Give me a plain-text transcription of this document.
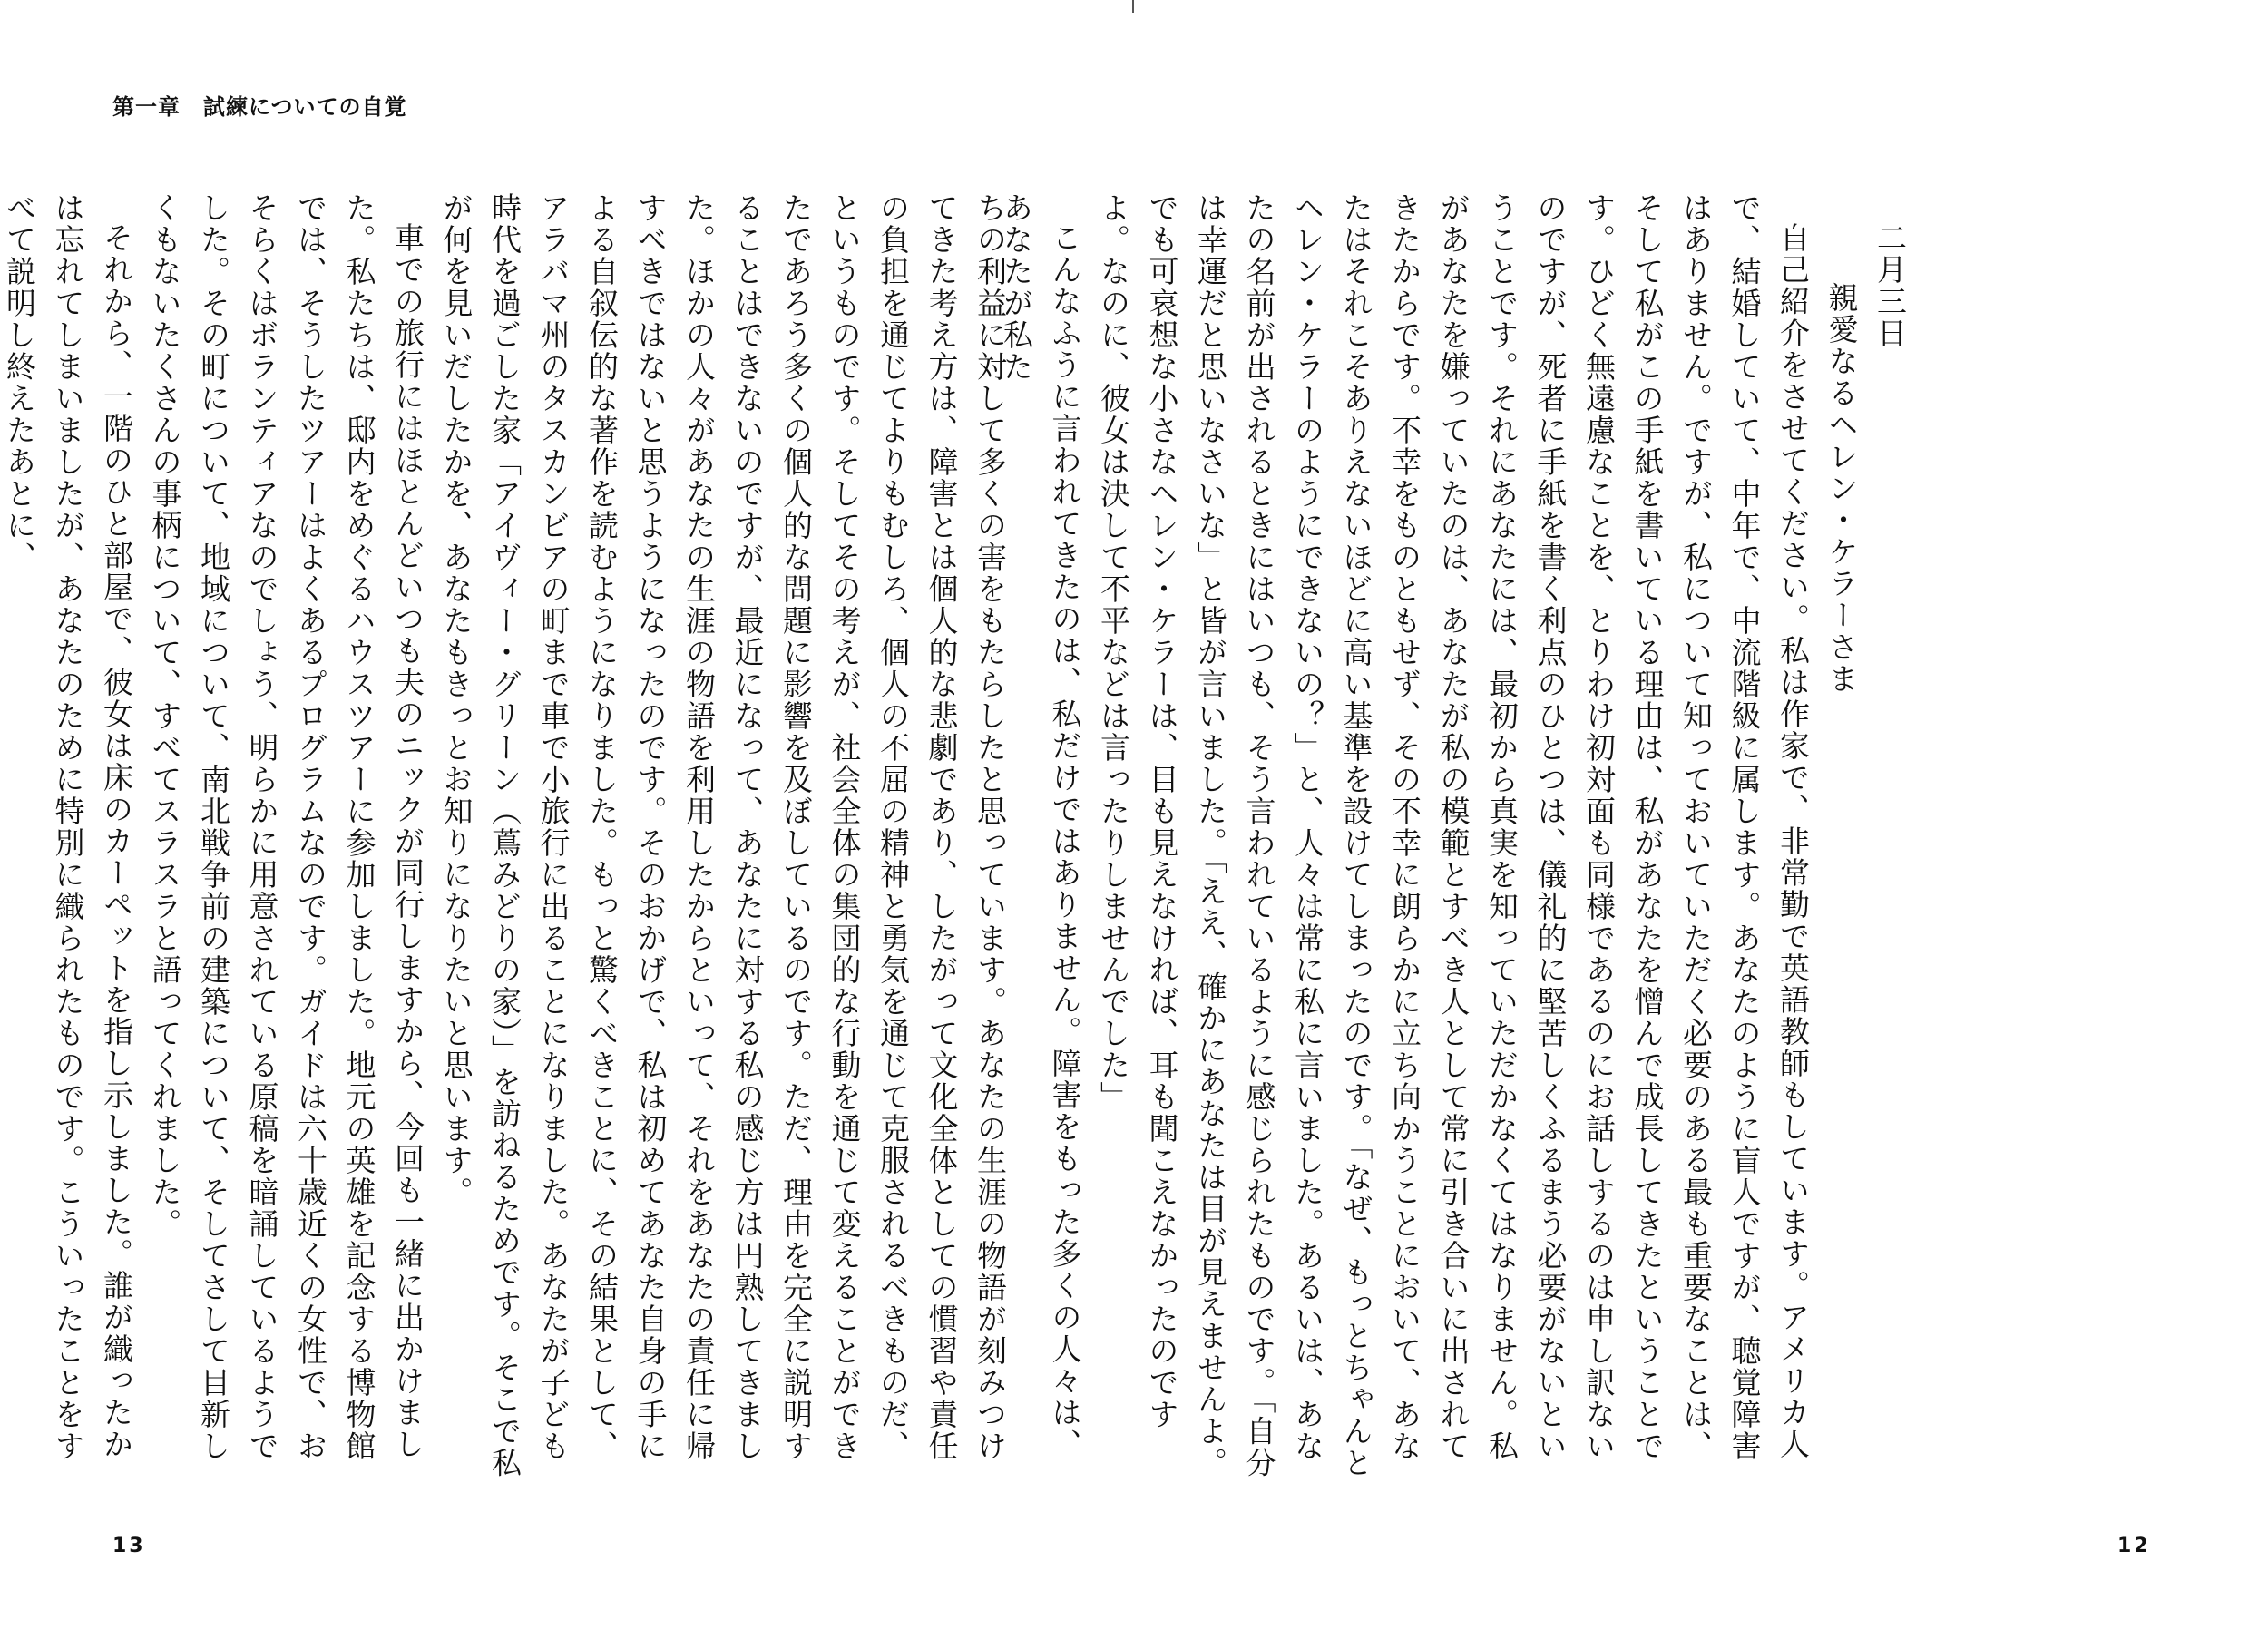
第一章　試練についての自覚

二月三日

親愛なるヘレン・ケラーさま

自己紹介をさせてください。私は作家で、非常勤で英語教師もしています。アメリカ人で、結婚していて、中年で、中流階級に属します。あなたのように盲人ですが、聴覚障害はありません。ですが、私について知っておいていただく必要のある最も重要なことは、そして私がこの手紙を書いている理由は、私があなたを憎んで成長してきたということです。ひどく無遠慮なことを、とりわけ初対面も同様であるのにお話しするのは申し訳ないのですが、死者に手紙を書く利点のひとつは、儀礼的に堅苦しくふるまう必要がないということです。それにあなたには、最初から真実を知っていただかなくてはなりません。私があなたを嫌っていたのは、あなたが私の模範とすべき人として常に引き合いに出されてきたからです。不幸をものともせず、その不幸に朗らかに立ち向かうことにおいて、あなたはそれこそありえないほどに高い基準を設けてしまったのです。「なぜ、もっとちゃんとヘレン・ケラーのようにできないの？」と、人々は常に私に言いました。あるいは、あなたの名前が出されるときにはいつも、そう言われているように感じられたものです。「自分は幸運だと思いなさいな」と皆が言いました。「ええ、確かにあなたは目が見えませんよ。でも可哀想な小さなヘレン・ケラーは、目も見えなければ、耳も聞こえなかったのですよ。なのに、彼女は決して不平などは言ったりしませんでした」

こんなふうに言われてきたのは、私だけではありません。障害をもった多くの人々は、あなたが私た

ちの利益に対して多くの害をもたらしたと思っています。あなたの生涯の物語が刻みつけてきた考え方は、障害とは個人的な悲劇であり、したがって文化全体としての慣習や責任の負担を通じてよりもむしろ、個人の不屈の精神と勇気を通じて克服されるべきものだ、というものです。そしてその考えが、社会全体の集団的な行動を通じて変えることができたであろう多くの個人的な問題に影響を及ぼしているのです。ただ、理由を完全に説明することはできないのですが、最近になって、あなたに対する私の感じ方は円熟してきました。ほかの人々があなたの生涯の物語を利用したからといって、それをあなたの責任に帰すべきではないと思うようになったのです。そのおかげで、私は初めてあなた自身の手による自叙伝的な著作を読むようになりました。もっと驚くべきことに、その結果として、アラバマ州のタスカンビアの町まで車で小旅行に出ることになりました。あなたが子ども時代を過ごした家「アイヴィー・グリーン（蔦みどりの家）」を訪ねるためです。そこで私が何を見いだしたかを、あなたもきっとお知りになりたいと思います。

車での旅行にはほとんどいつも夫のニックが同行しますから、今回も一緒に出かけました。私たちは、邸内をめぐるハウスツアーに参加しました。地元の英雄を記念する博物館では、そうしたツアーはよくあるプログラムなのです。ガイドは六十歳近くの女性で、おそらくはボランティアなのでしょう、明らかに用意されている原稿を暗誦しているようでした。その町について、地域について、南北戦争前の建築について、そしてさして目新しくもないたくさんの事柄について、すべてスラスラと語ってくれました。

それから、一階のひと部屋で、彼女は床のカーペットを指し示しました。誰が織ったかは忘れてしまいましたが、あなたのために特別に織られたものです。こういったことをすべて説明し終えたあとに、

13	12
